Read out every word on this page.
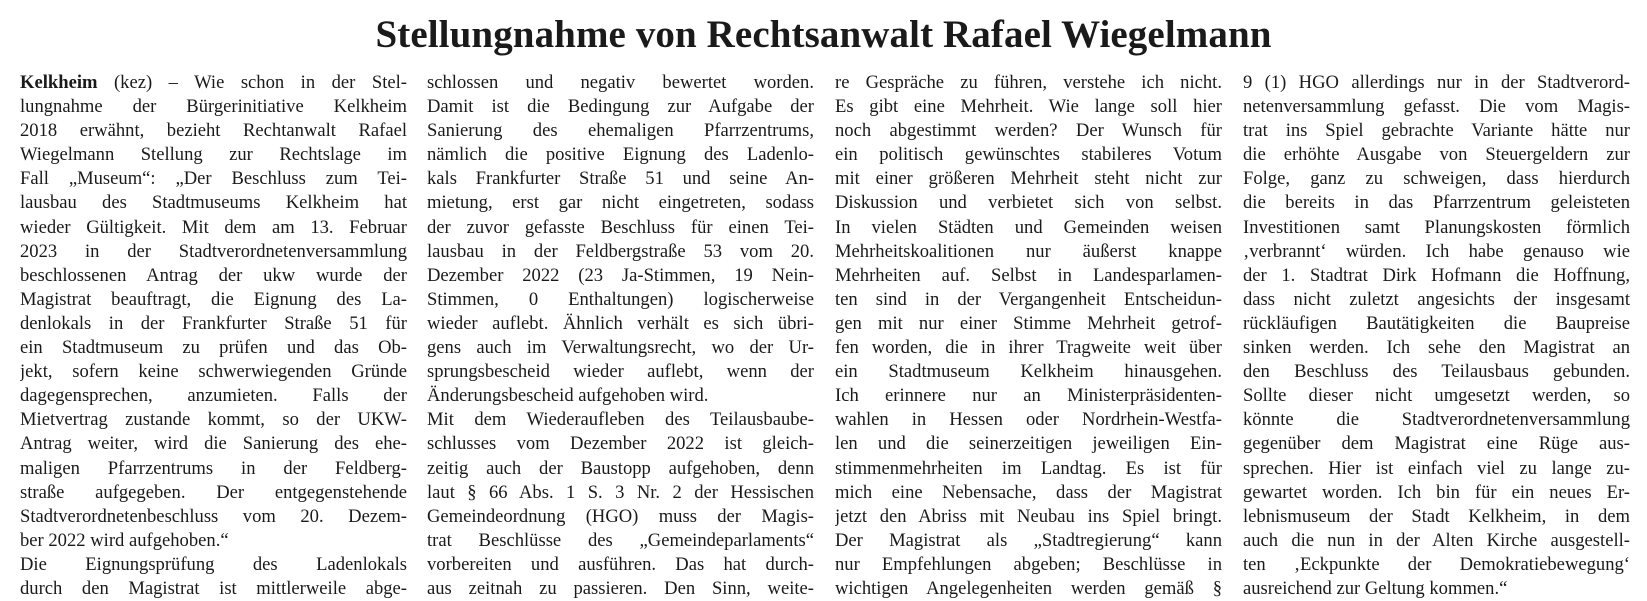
Stellungnahme von Rechtsanwalt Rafael Wiegelmann
Kelkheim (kez) – Wie schon in der Stel-
lungnahme der Bürgerinitiative Kelkheim
2018 erwähnt, bezieht Rechtanwalt Rafael
Wiegelmann Stellung zur Rechtslage im
Fall „Museum“: „Der Beschluss zum Tei-
lausbau des Stadtmuseums Kelkheim hat
wieder Gültigkeit. Mit dem am 13. Februar
2023 in der Stadtverordnetenversammlung
beschlossenen Antrag der ukw wurde der
Magistrat beauftragt, die Eignung des La-
denlokals in der Frankfurter Straße 51 für
ein Stadtmuseum zu prüfen und das Ob-
jekt, sofern keine schwerwiegenden Gründe
dagegensprechen, anzumieten. Falls der
Mietvertrag zustande kommt, so der UKW-
Antrag weiter, wird die Sanierung des ehe-
maligen Pfarrzentrums in der Feldberg-
straße aufgegeben. Der entgegenstehende
Stadtverordnetenbeschluss vom 20. Dezem-
ber 2022 wird aufgehoben.“
Die Eignungsprüfung des Ladenlokals
durch den Magistrat ist mittlerweile abge-
schlossen und negativ bewertet worden.
Damit ist die Bedingung zur Aufgabe der
Sanierung des ehemaligen Pfarrzentrums,
nämlich die positive Eignung des Ladenlo-
kals Frankfurter Straße 51 und seine An-
mietung, erst gar nicht eingetreten, sodass
der zuvor gefasste Beschluss für einen Tei-
lausbau in der Feldbergstraße 53 vom 20.
Dezember 2022 (23 Ja-Stimmen, 19 Nein-
Stimmen, 0 Enthaltungen) logischerweise
wieder auflebt. Ähnlich verhält es sich übri-
gens auch im Verwaltungsrecht, wo der Ur-
sprungsbescheid wieder auflebt, wenn der
Änderungsbescheid aufgehoben wird.
Mit dem Wiederaufleben des Teilausbaube-
schlusses vom Dezember 2022 ist gleich-
zeitig auch der Baustopp aufgehoben, denn
laut § 66 Abs. 1 S. 3 Nr. 2 der Hessischen
Gemeindeordnung (HGO) muss der Magis-
trat Beschlüsse des „Gemeindeparlaments“
vorbereiten und ausführen. Das hat durch-
aus zeitnah zu passieren. Den Sinn, weite-
re Gespräche zu führen, verstehe ich nicht.
Es gibt eine Mehrheit. Wie lange soll hier
noch abgestimmt werden? Der Wunsch für
ein politisch gewünschtes stabileres Votum
mit einer größeren Mehrheit steht nicht zur
Diskussion und verbietet sich von selbst.
In vielen Städten und Gemeinden weisen
Mehrheitskoalitionen nur äußerst knappe
Mehrheiten auf. Selbst in Landesparlamen-
ten sind in der Vergangenheit Entscheidun-
gen mit nur einer Stimme Mehrheit getrof-
fen worden, die in ihrer Tragweite weit über
ein Stadtmuseum Kelkheim hinausgehen.
Ich erinnere nur an Ministerpräsidenten-
wahlen in Hessen oder Nordrhein-Westfa-
len und die seinerzeitigen jeweiligen Ein-
stimmenmehrheiten im Landtag. Es ist für
mich eine Nebensache, dass der Magistrat
jetzt den Abriss mit Neubau ins Spiel bringt.
Der Magistrat als „Stadtregierung“ kann
nur Empfehlungen abgeben; Beschlüsse in
wichtigen Angelegenheiten werden gemäß §
9 (1) HGO allerdings nur in der Stadtverord-
netenversammlung gefasst. Die vom Magis-
trat ins Spiel gebrachte Variante hätte nur
die erhöhte Ausgabe von Steuergeldern zur
Folge, ganz zu schweigen, dass hierdurch
die bereits in das Pfarrzentrum geleisteten
Investitionen samt Planungskosten förmlich
‚verbrannt‘ würden. Ich habe genauso wie
der 1. Stadtrat Dirk Hofmann die Hoffnung,
dass nicht zuletzt angesichts der insgesamt
rückläufigen Bautätigkeiten die Baupreise
sinken werden. Ich sehe den Magistrat an
den Beschluss des Teilausbaus gebunden.
Sollte dieser nicht umgesetzt werden, so
könnte die Stadtverordnetenversammlung
gegenüber dem Magistrat eine Rüge aus-
sprechen. Hier ist einfach viel zu lange zu-
gewartet worden. Ich bin für ein neues Er-
lebnismuseum der Stadt Kelkheim, in dem
auch die nun in der Alten Kirche ausgestell-
ten ‚Eckpunkte der Demokratiebewegung‘
ausreichend zur Geltung kommen.“
